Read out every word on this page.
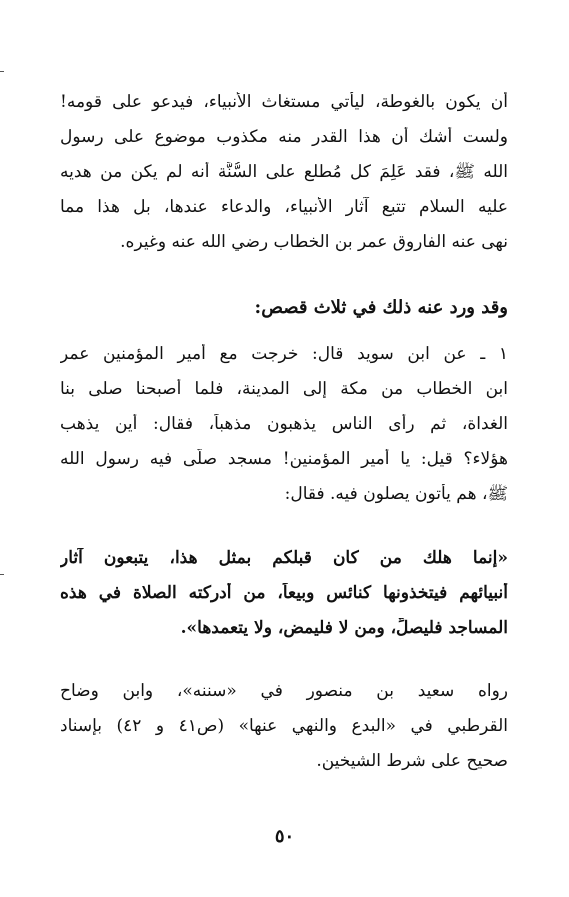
أن يكون بالغوطة، ليأتي مستغاث الأنبياء، فيدعو على قومه!
ولست أشك أن هذا القدر منه مكذوب موضوع على رسول
الله ﷺ، فقد عَلِمَ كل مُطلع على السُّنَّة أنه لم يكن من هديه
عليه السلام تتبع آثار الأنبياء، والدعاء عندها، بل هذا مما
نهى عنه الفاروق عمر بن الخطاب رضي الله عنه وغيره.
وقد ورد عنه ذلك في ثلاث قصص:
١ ـ عن ابن سويد قال: خرجت مع أمير المؤمنين عمر
ابن الخطاب من مكة إلى المدينة، فلما أصبحنا صلى بنا
الغداة، ثم رأى الناس يذهبون مذهباً، فقال: أين يذهب
هؤلاء؟ قيل: يا أمير المؤمنين! مسجد صلّى فيه رسول الله
ﷺ، هم يأتون يصلون فيه. فقال:
«إنما هلك من كان قبلكم بمثل هذا، يتبعون آثار
أنبيائهم فيتخذونها كنائس وبيعاً، من أدركته الصلاة في هذه
المساجد فليصلِّ، ومن لا فليمض، ولا يتعمدها».
رواه سعيد بن منصور في «سننه»، وابن وضاح
القرطبي في «البدع والنهي عنها» (ص٤١ و ٤٢) بإسناد
صحيح على شرط الشيخين.
٥٠
